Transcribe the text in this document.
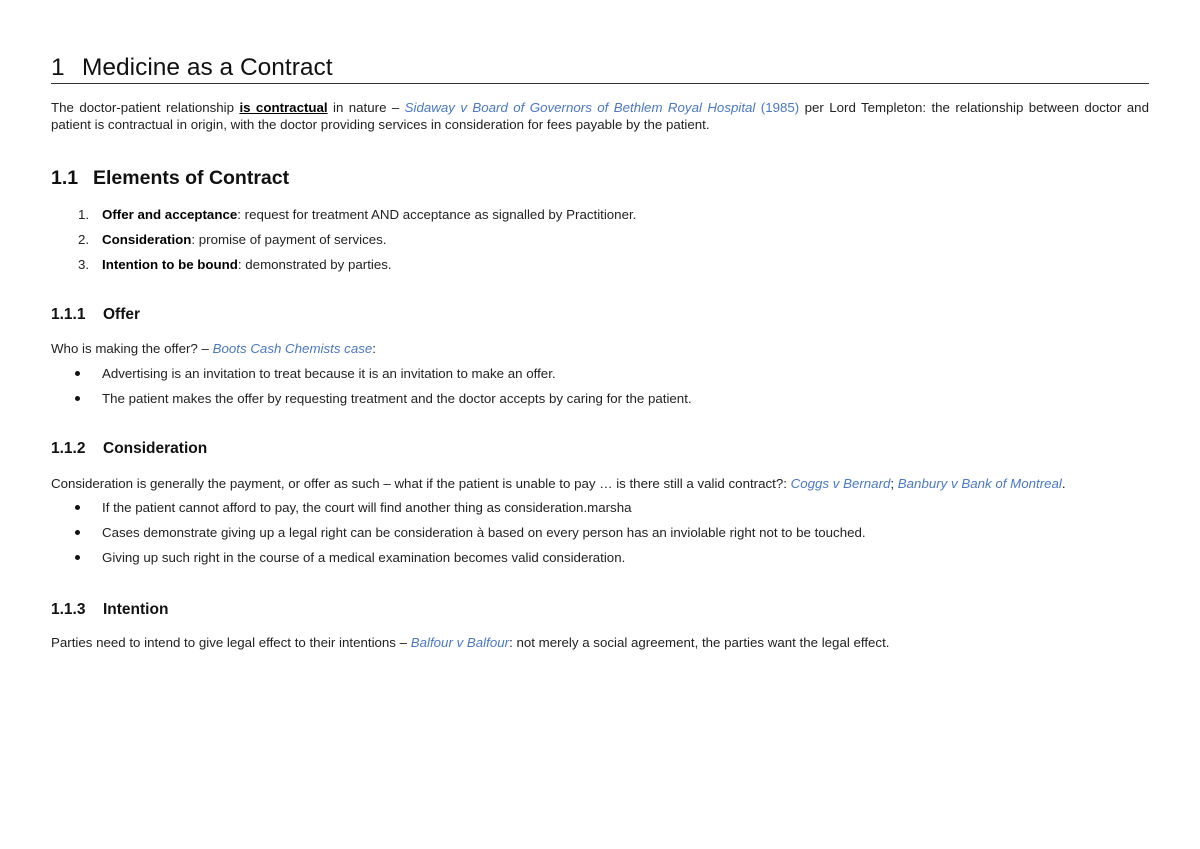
1 Medicine as a Contract
The doctor-patient relationship is contractual in nature – Sidaway v Board of Governors of Bethlem Royal Hospital (1985) per Lord Templeton: the relationship between doctor and patient is contractual in origin, with the doctor providing services in consideration for fees payable by the patient.
1.1 Elements of Contract
1. Offer and acceptance: request for treatment AND acceptance as signalled by Practitioner.
2. Consideration: promise of payment of services.
3. Intention to be bound: demonstrated by parties.
1.1.1 Offer
Who is making the offer? – Boots Cash Chemists case:
Advertising is an invitation to treat because it is an invitation to make an offer.
The patient makes the offer by requesting treatment and the doctor accepts by caring for the patient.
1.1.2 Consideration
Consideration is generally the payment, or offer as such – what if the patient is unable to pay … is there still a valid contract?: Coggs v Bernard; Banbury v Bank of Montreal.
If the patient cannot afford to pay, the court will find another thing as consideration.marsha
Cases demonstrate giving up a legal right can be consideration à based on every person has an inviolable right not to be touched.
Giving up such right in the course of a medical examination becomes valid consideration.
1.1.3 Intention
Parties need to intend to give legal effect to their intentions – Balfour v Balfour: not merely a social agreement, the parties want the legal effect.
